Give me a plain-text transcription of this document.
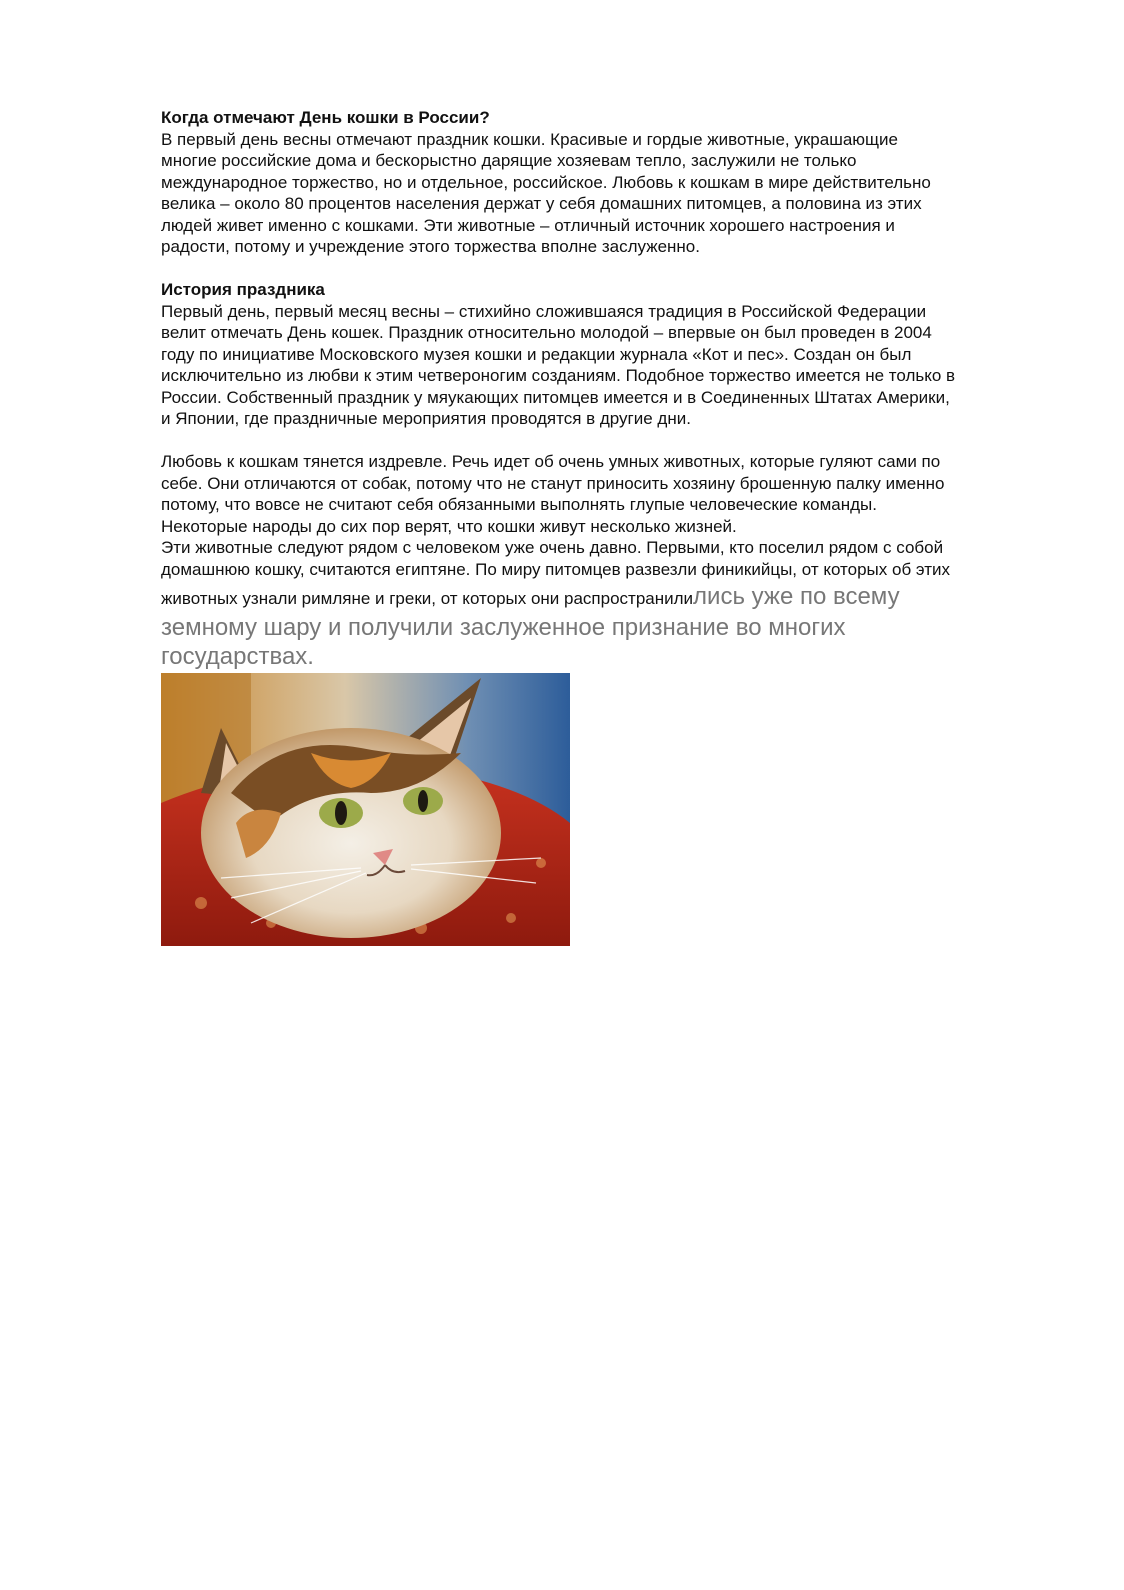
Когда отмечают День кошки в России?

В первый день весны отмечают праздник кошки. Красивые и гордые животные, украшающие
многие российские дома и бескорыстно дарящие хозяевам тепло, заслужили не только
международное торжество, но и отдельное, российское. Любовь к кошкам в мире действительно
велика – около 80 процентов населения держат у себя домашних питомцев, а половина из этих
людей живет именно с кошками. Эти животные – отличный источник хорошего настроения и
радости, потому и учреждение этого торжества вполне заслуженно.

История праздника

Первый день, первый месяц весны – стихийно сложившаяся традиция в Российской Федерации
велит отмечать День кошек. Праздник относительно молодой – впервые он был проведен в 2004
году по инициативе Московского музея кошки и редакции журнала «Кот и пес». Создан он был
исключительно из любви к этим четвероногим созданиям. Подобное торжество имеется не только в
России. Собственный праздник у мяукающих питомцев имеется и в Соединенных Штатах Америки,
и Японии, где праздничные мероприятия проводятся в другие дни.

Любовь к кошкам тянется издревле. Речь идет об очень умных животных, которые гуляют сами по
себе. Они отличаются от собак, потому что не станут приносить хозяину брошенную палку именно
потому, что вовсе не считают себя обязанными выполнять глупые человеческие команды.
Некоторые народы до сих пор верят, что кошки живут несколько жизней.
Эти животные следуют рядом с человеком уже очень давно. Первыми, кто поселил рядом с собой
домашнюю кошку, считаются египтяне. По миру питомцев развезли финикийцы, от которых об этих
животных узнали римляне и греки, от которых они распространилились уже по всему
земному шару и получили заслуженное признание во многих
государствах.
